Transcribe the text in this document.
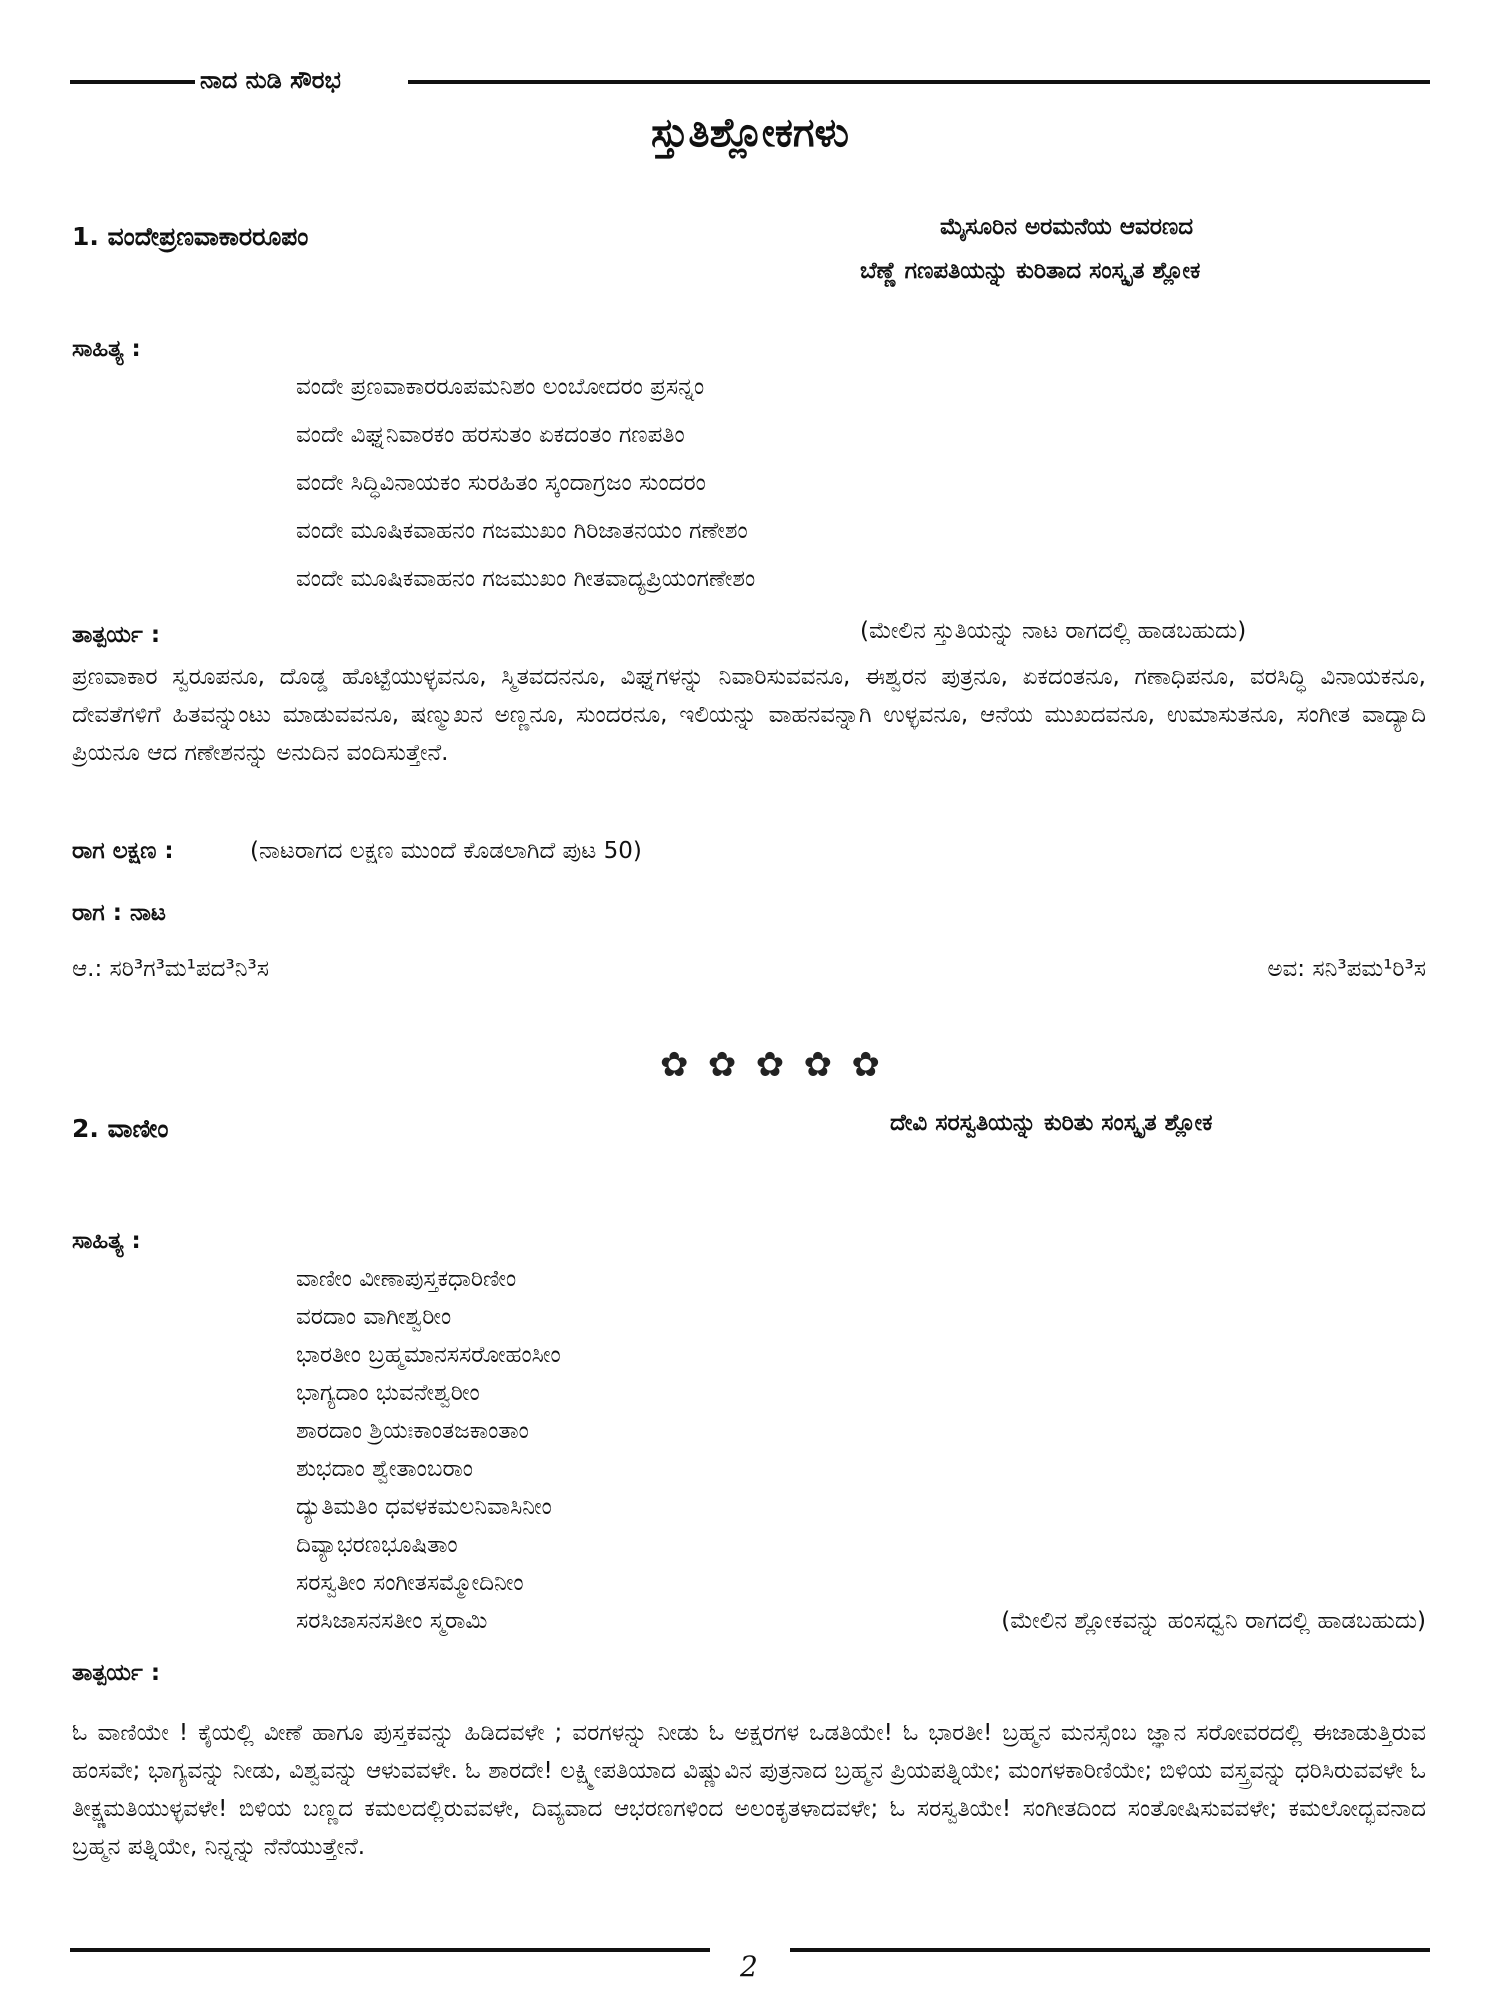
ನಾದ ನುಡಿ ಸೌರಭ
ಸ್ತುತಿಶ್ಲೋಕಗಳು
1. ವಂದೇಪ್ರಣವಾಕಾರರೂಪಂ	ಮೈಸೂರಿನ ಅರಮನೆಯ ಆವರಣದ
ಬೆಣ್ಣೆ ಗಣಪತಿಯನ್ನು ಕುರಿತಾದ ಸಂಸ್ಕೃತ ಶ್ಲೋಕ
ಸಾಹಿತ್ಯ :
ವಂದೇ ಪ್ರಣವಾಕಾರರೂಪಮನಿಶಂ ಲಂಬೋದರಂ ಪ್ರಸನ್ನಂ
ವಂದೇ ವಿಘ್ನನಿವಾರಕಂ ಹರಸುತಂ ಏಕದಂತಂ ಗಣಪತಿಂ
ವಂದೇ ಸಿದ್ಧಿವಿನಾಯಕಂ ಸುರಹಿತಂ ಸ್ಕಂದಾಗ್ರಜಂ ಸುಂದರಂ
ವಂದೇ ಮೂಷಿಕವಾಹನಂ ಗಜಮುಖಂ ಗಿರಿಜಾತನಯಂ ಗಣೇಶಂ
ವಂದೇ ಮೂಷಿಕವಾಹನಂ ಗಜಮುಖಂ ಗೀತವಾದ್ಯಪ್ರಿಯಂಗಣೇಶಂ
ತಾತ್ಪರ್ಯ :	(ಮೇಲಿನ ಸ್ತುತಿಯನ್ನು ನಾಟ ರಾಗದಲ್ಲಿ ಹಾಡಬಹುದು)
ಪ್ರಣವಾಕಾರ ಸ್ವರೂಪನೂ, ದೊಡ್ಡ ಹೊಟ್ಟೆಯುಳ್ಳವನೂ, ಸ್ಮಿತವದನನೂ, ವಿಘ್ನಗಳನ್ನು ನಿವಾರಿಸುವವನೂ, ಈಶ್ವರನ ಪುತ್ರನೂ, ಏಕದಂತನೂ, ಗಣಾಧಿಪನೂ, ವರಸಿದ್ಧಿ ವಿನಾಯಕನೂ, ದೇವತೆಗಳಿಗೆ ಹಿತವನ್ನುಂಟು ಮಾಡುವವನೂ, ಷಣ್ಮುಖನ ಅಣ್ಣನೂ, ಸುಂದರನೂ, ಇಲಿಯನ್ನು ವಾಹನವನ್ನಾಗಿ ಉಳ್ಳವನೂ, ಆನೆಯ ಮುಖದವನೂ, ಉಮಾಸುತನೂ, ಸಂಗೀತ ವಾದ್ಯಾದಿ ಪ್ರಿಯನೂ ಆದ ಗಣೇಶನನ್ನು ಅನುದಿನ ವಂದಿಸುತ್ತೇನೆ.
ರಾಗ ಲಕ್ಷಣ :	(ನಾಟರಾಗದ ಲಕ್ಷಣ ಮುಂದೆ ಕೊಡಲಾಗಿದೆ ಪುಟ 50)
ರಾಗ : ನಾಟ
ಆ.: ಸರಿ³ಗ³ಮ¹ಪದ³ನಿ³ಸ	ಅವ: ಸನಿ³ಪಮ¹ರಿ³ಸ
✿ ✿ ✿ ✿ ✿
2. ವಾಣೀಂ	ದೇವಿ ಸರಸ್ವತಿಯನ್ನು ಕುರಿತು ಸಂಸ್ಕೃತ ಶ್ಲೋಕ
ಸಾಹಿತ್ಯ :
ವಾಣೀಂ ವೀಣಾಪುಸ್ತಕಧಾರಿಣೀಂ
ವರದಾಂ ವಾಗೀಶ್ವರೀಂ
ಭಾರತೀಂ ಬ್ರಹ್ಮಮಾನಸಸರೋಹಂಸೀಂ
ಭಾಗ್ಯದಾಂ ಭುವನೇಶ್ವರೀಂ
ಶಾರದಾಂ ಶ್ರಿಯಃಕಾಂತಜಕಾಂತಾಂ
ಶುಭದಾಂ ಶ್ವೇತಾಂಬರಾಂ
ದ್ಯುತಿಮತಿಂ ಧವಳಕಮಲನಿವಾಸಿನೀಂ
ದಿವ್ಯಾಭರಣಭೂಷಿತಾಂ
ಸರಸ್ವತೀಂ ಸಂಗೀತಸಮ್ಮೋದಿನೀಂ
ಸರಸಿಜಾಸನಸತೀಂ ಸ್ಮರಾಮಿ	(ಮೇಲಿನ ಶ್ಲೋಕವನ್ನು ಹಂಸಧ್ವನಿ ರಾಗದಲ್ಲಿ ಹಾಡಬಹುದು)
ತಾತ್ಪರ್ಯ :
ಓ ವಾಣಿಯೇ ! ಕೈಯಲ್ಲಿ ವೀಣೆ ಹಾಗೂ ಪುಸ್ತಕವನ್ನು ಹಿಡಿದವಳೇ ; ವರಗಳನ್ನು ನೀಡು ಓ ಅಕ್ಷರಗಳ ಒಡತಿಯೇ! ಓ ಭಾರತೀ! ಬ್ರಹ್ಮನ ಮನಸ್ಸೆಂಬ ಜ್ಞಾನ ಸರೋವರದಲ್ಲಿ ಈಜಾಡುತ್ತಿರುವ ಹಂಸವೇ; ಭಾಗ್ಯವನ್ನು ನೀಡು, ವಿಶ್ವವನ್ನು ಆಳುವವಳೇ. ಓ ಶಾರದೇ! ಲಕ್ಷ್ಮೀಪತಿಯಾದ ವಿಷ್ಣುವಿನ ಪುತ್ರನಾದ ಬ್ರಹ್ಮನ ಪ್ರಿಯಪತ್ನಿಯೇ; ಮಂಗಳಕಾರಿಣಿಯೇ; ಬಿಳಿಯ ವಸ್ತ್ರವನ್ನು ಧರಿಸಿರುವವಳೇ ಓ ತೀಕ್ಷ್ಣಮತಿಯುಳ್ಳವಳೇ! ಬಿಳಿಯ ಬಣ್ಣದ ಕಮಲದಲ್ಲಿರುವವಳೇ, ದಿವ್ಯವಾದ ಆಭರಣಗಳಿಂದ ಅಲಂಕೃತಳಾದವಳೇ; ಓ ಸರಸ್ವತಿಯೇ! ಸಂಗೀತದಿಂದ ಸಂತೋಷಿಸುವವಳೇ; ಕಮಲೋದ್ಭವನಾದ ಬ್ರಹ್ಮನ ಪತ್ನಿಯೇ, ನಿನ್ನನ್ನು ನೆನೆಯುತ್ತೇನೆ.
2
